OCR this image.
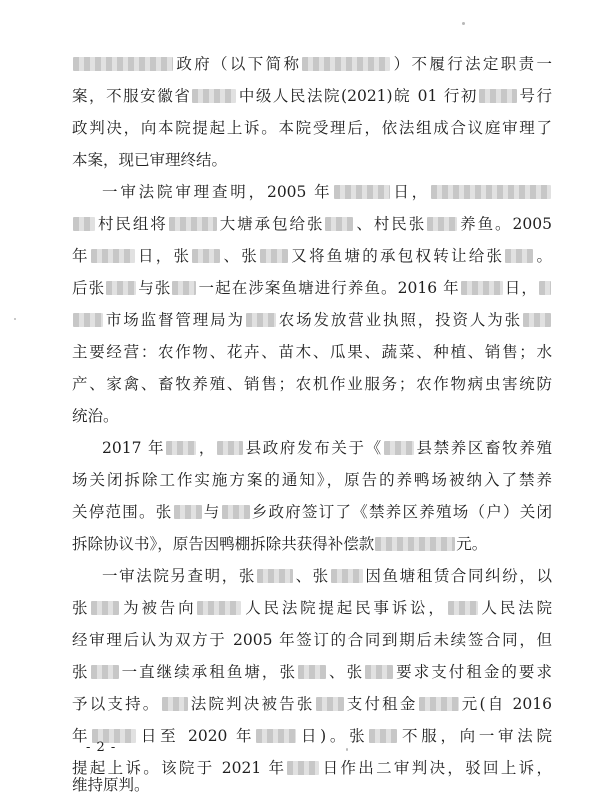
政府（以下简称	）不履行法定职责一
案，不服安徽省	中级人民法院(2021)皖 01 行初	号行
政判决，向本院提起上诉。本院受理后，依法组成合议庭审理了
本案，现已审理终结。
一审法院审理查明，2005 年	日，
村民组将	大塘承包给张 、村民张 养鱼。2005
年	日，张 、张 又将鱼塘的承包权转让给张 。
后张 与张 一起在涉案鱼塘进行养鱼。2016 年	日，
市场监督管理局为 农场发放营业执照，投资人为张
主要经营：农作物、花卉、苗木、瓜果、蔬菜、种植、销售；水
产、家禽、畜牧养殖、销售；农机作业服务；农作物病虫害统防
统治。
2017 年 ， 县政府发布关于《 县禁养区畜牧养殖
场关闭拆除工作实施方案的通知》，原告的养鸭场被纳入了禁养
关停范围。张 与 乡政府签订了《禁养区养殖场（户）关闭
拆除协议书》，原告因鸭棚拆除共获得补偿款	元。
一审法院另查明，张 、张 因鱼塘租赁合同纠纷，以
张 为被告向	人民法院提起民事诉讼， 人民法院
经审理后认为双方于 2005 年签订的合同到期后未续签合同，但
张 一直继续承租鱼塘，张 、张 要求支付租金的要求
予以支持。 法院判决被告张 支付租金	元(自 2016
年	日至 2020 年	日)。张 不服，向一审法院
提起上诉。该院于 2021 年 日作出二审判决，驳回上诉，
维持原判。
- 2 -
